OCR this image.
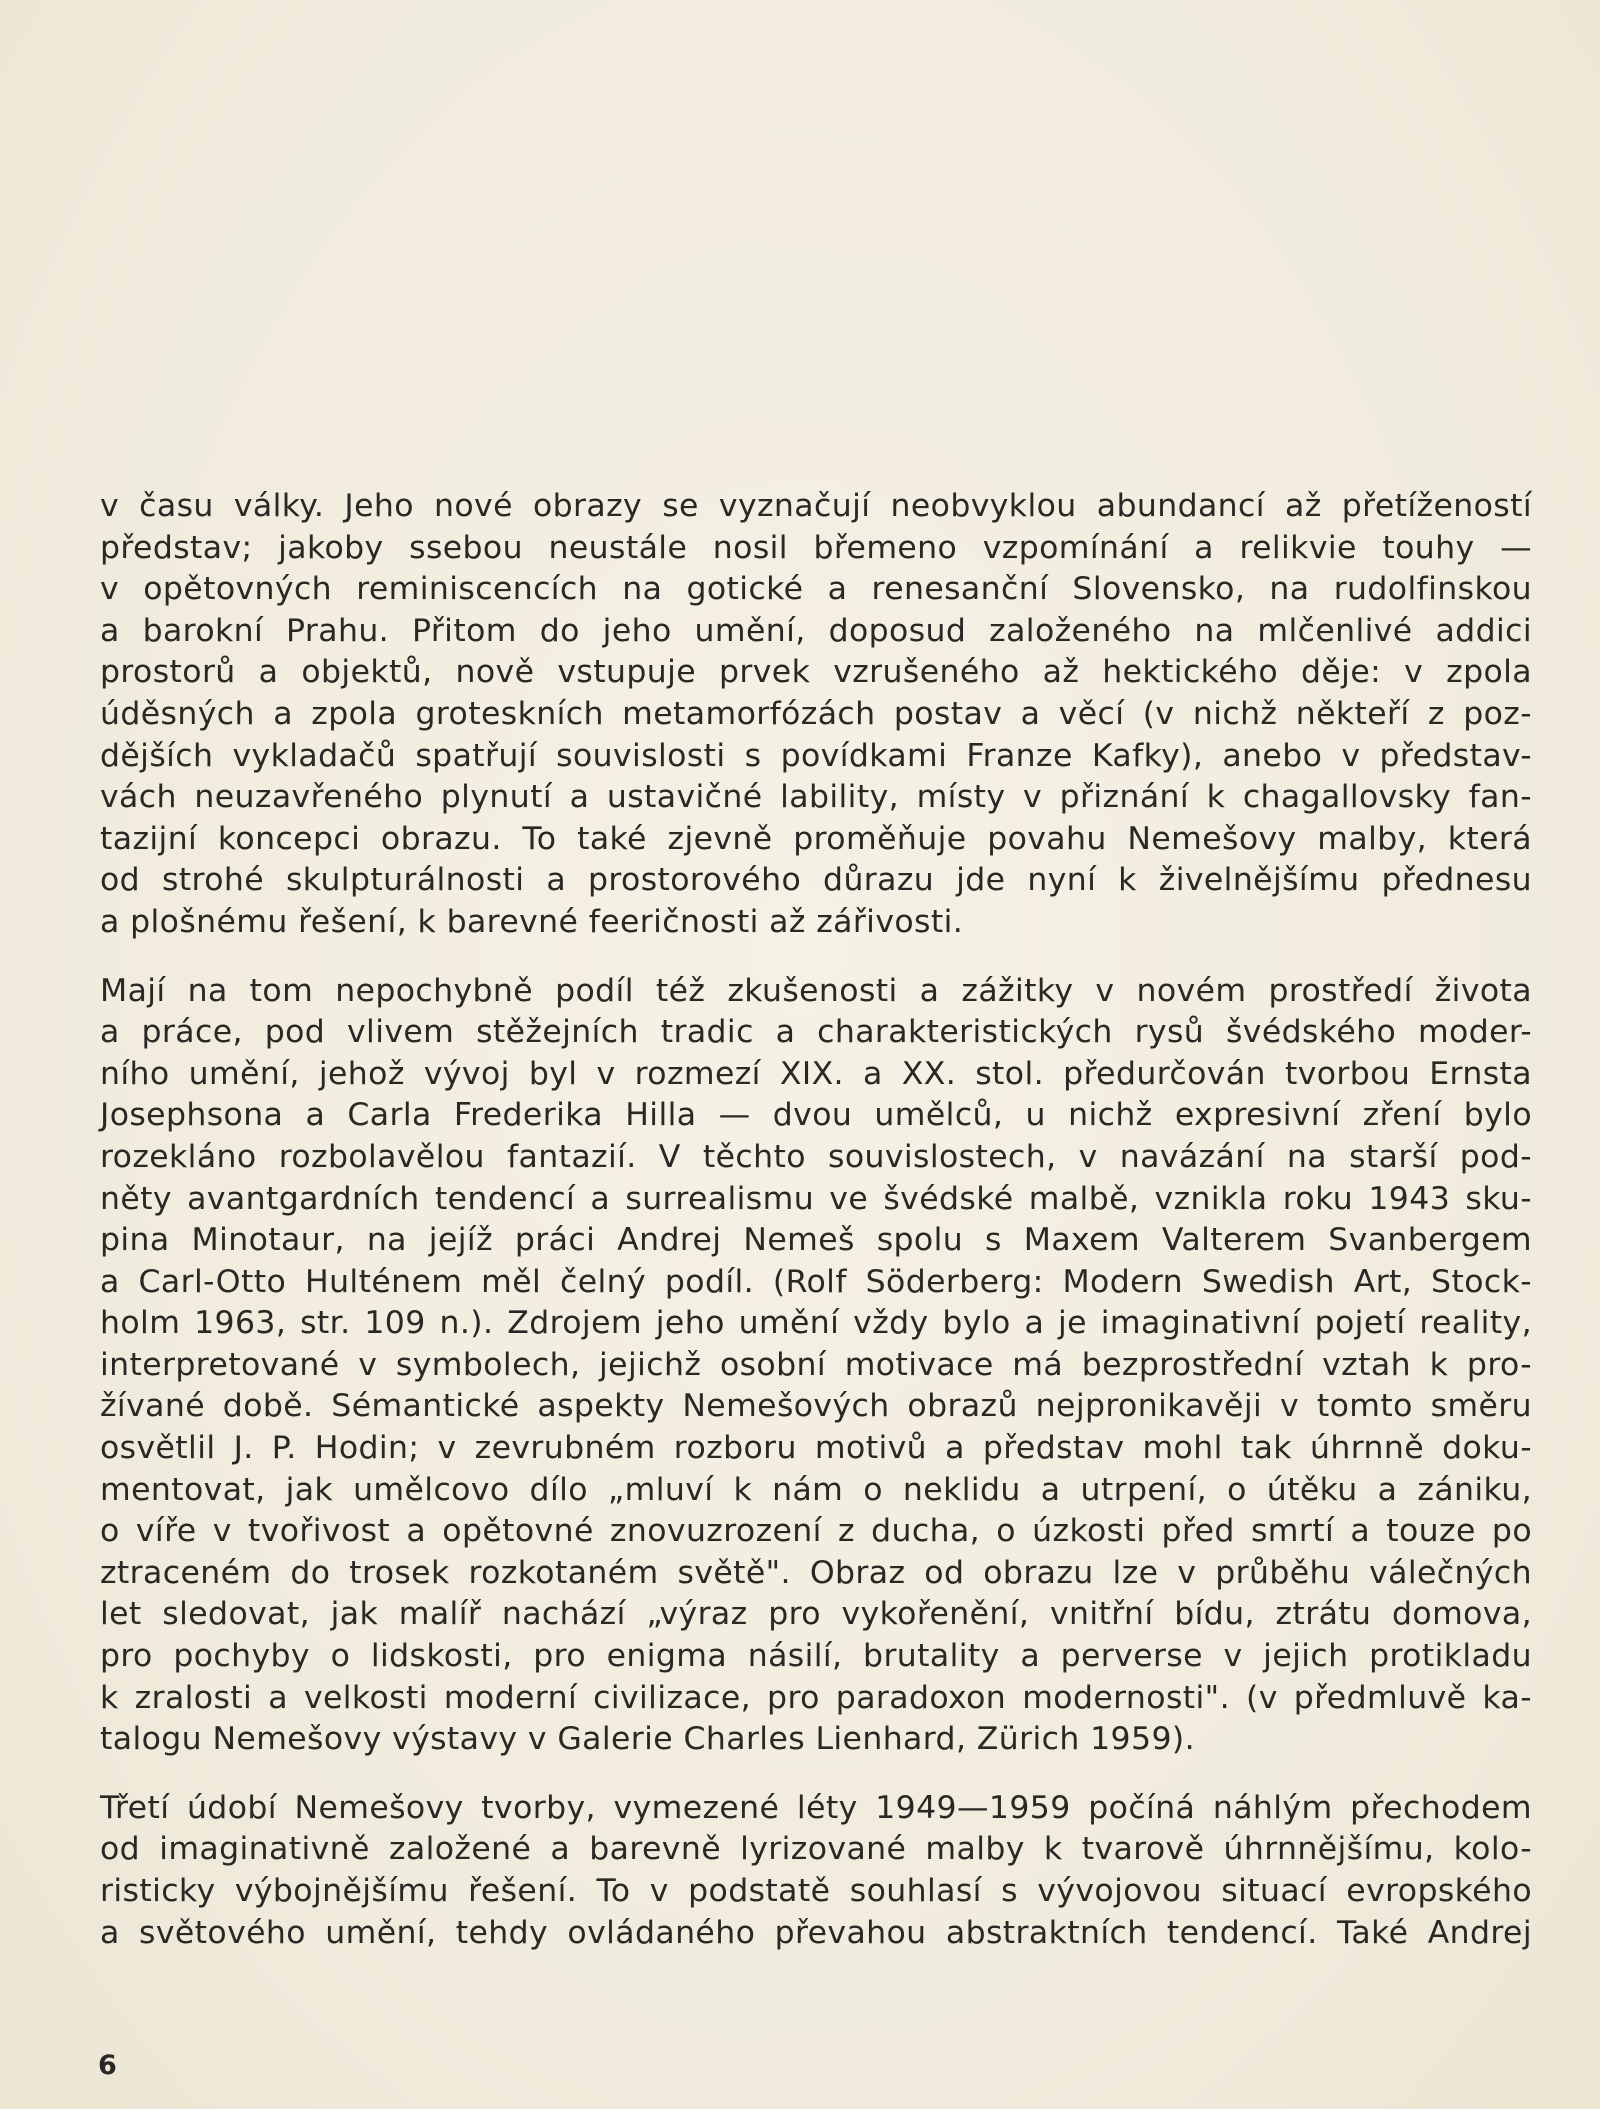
v času války. Jeho nové obrazy se vyznačují neobvyklou abundancí až přetíženostı́
představ; jakoby ssebou neustále nosil břemeno vzpomínání a relikvie touhy —
v opětovných reminiscencích na gotické a renesanční Slovensko, na rudolfinskou
a barokní Prahu. Přitom do jeho umění, doposud založeného na mlčenlivé addici
prostorů a objektů, nově vstupuje prvek vzrušeného až hektického děje: v zpola
úděsných a zpola grotesknı́ch metamorfózách postav a věcí (v nichž někteří z poz-
dějších vykladačů spatřují souvislosti s povídkami Franze Kafky), anebo v představ-
vách neuzavřeného plynutí a ustavičné lability, místy v přiznání k chagallovsky fan-
tazijní koncepci obrazu. To také zjevně proměňuje povahu Nemešovy malby, která
od strohé skulpturálnosti a prostorového důrazu jde nyní k živelnějšímu přednesu
a plošnému řešení, k barevné feeričnosti až zářivosti.
Mají na tom nepochybně podíl též zkušenosti a zážitky v novém prostředí života
a práce, pod vlivem stěžejních tradic a charakteristických rysů švédského moder-
ního umění, jehož vývoj byl v rozmezí XIX. a XX. stol. předurčován tvorbou Ernsta
Josephsona a Carla Frederika Hilla — dvou umělců, u nichž expresivní zření bylo
rozekláno rozbolavělou fantazií. V těchto souvislostech, v navázání na starší pod-
něty avantgardních tendencí a surrealismu ve švédské malbě, vznikla roku 1943 sku-
pina Minotaur, na jejíž práci Andrej Nemeš spolu s Maxem Valterem Svanbergem
a Carl-Otto Hulténem měl čelný podíl. (Rolf Söderberg: Modern Swedish Art, Stock-
holm 1963, str. 109 n.). Zdrojem jeho umění vždy bylo a je imaginativní pojetí reality,
interpretované v symbolech, jejichž osobní motivace má bezprostřední vztah k pro-
žívané době. Sémantické aspekty Nemešových obrazů nejpronikavěji v tomto směru
osvětlil J. P. Hodin; v zevrubném rozboru motivů a představ mohl tak úhrnně doku-
mentovat, jak umělcovo dílo „mluví k nám o neklidu a utrpení, o útěku a zániku,
o víře v tvořivost a opětovné znovuzrození z ducha, o úzkosti před smrtí a touze po
ztraceném do trosek rozkotaném světě". Obraz od obrazu lze v průběhu válečných
let sledovat, jak malíř nachází „výraz pro vykořenění, vnitřní bídu, ztrátu domova,
pro pochyby o lidskosti, pro enigma násilí, brutality a perverse v jejich protikladu
k zralosti a velkosti moderní civilizace, pro paradoxon modernosti". (v předmluvě ka-
talogu Nemešovy výstavy v Galerie Charles Lienhard, Zürich 1959).
Třetí údobí Nemešovy tvorby, vymezené léty 1949—1959 počíná náhlým přechodem
od imaginativně založené a barevně lyrizované malby k tvarově úhrnnějšímu, kolo-
risticky výbojnějšímu řešení. To v podstatě souhlasí s vývojovou situací evropského
a světového umění, tehdy ovládaného převahou abstraktních tendencí. Také Andrej
6
